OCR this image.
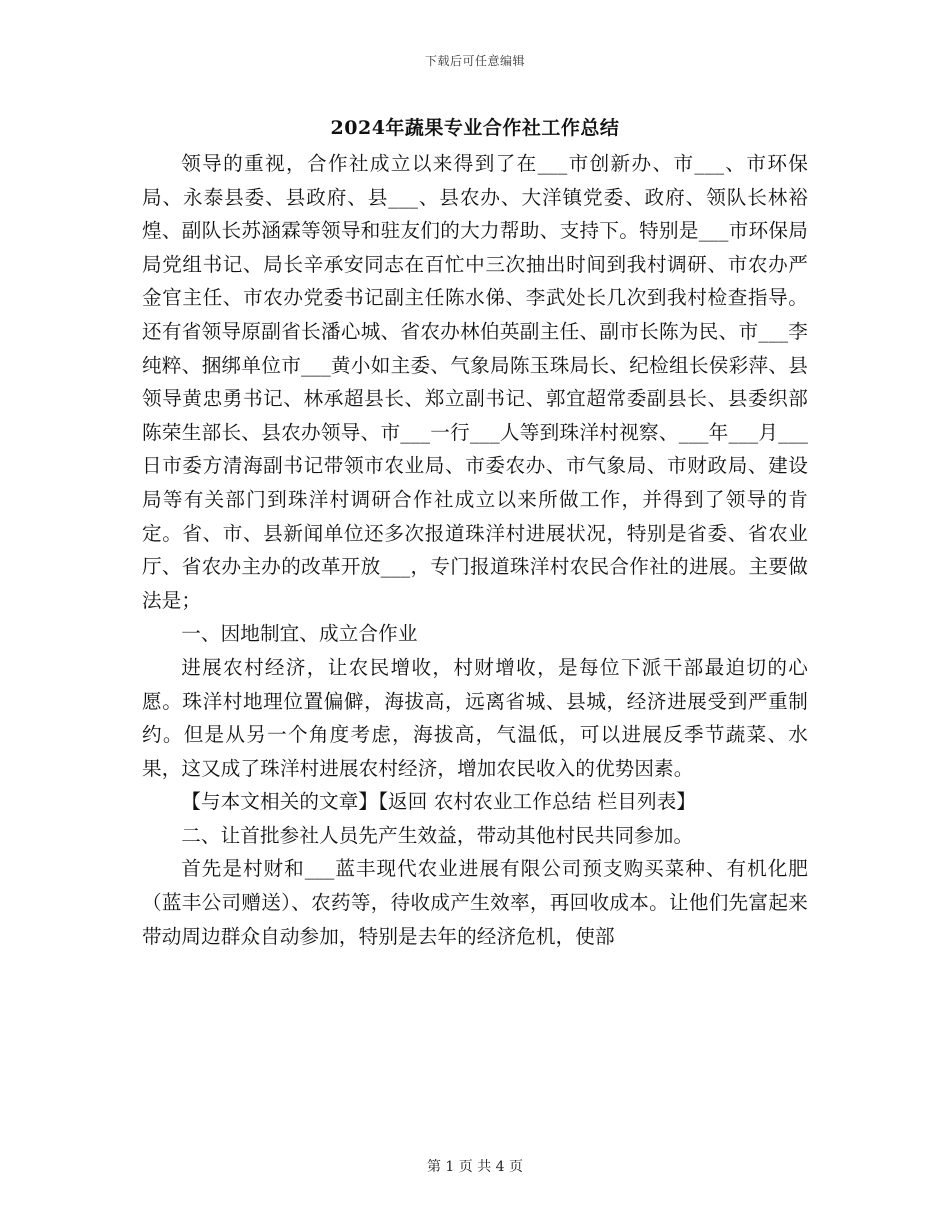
下载后可任意编辑
2024年蔬果专业合作社工作总结

领导的重视，合作社成立以来得到了在___市创新办、市___、市环保局、永泰县委、县政府、县___、县农办、大洋镇党委、政府、领队长林裕煌、副队长苏涵霖等领导和驻友们的大力帮助、支持下。特别是___市环保局局党组书记、局长辛承安同志在百忙中三次抽出时间到我村调研、市农办严金官主任、市农办党委书记副主任陈水俤、李武处长几次到我村检查指导。还有省领导原副省长潘心城、省农办林伯英副主任、副市长陈为民、市___李纯粹、捆绑单位市___黄小如主委、气象局陈玉珠局长、纪检组长侯彩萍、县领导黄忠勇书记、林承超县长、郑立副书记、郭宜超常委副县长、县委织部陈荣生部长、县农办领导、市___一行___人等到珠洋村视察、___年___月___日市委方清海副书记带领市农业局、市委农办、市气象局、市财政局、建设局等有关部门到珠洋村调研合作社成立以来所做工作，并得到了领导的肯定。省、市、县新闻单位还多次报道珠洋村进展状况，特别是省委、省农业厅、省农办主办的改革开放___，专门报道珠洋村农民合作社的进展。主要做法是；

一、因地制宜、成立合作业

进展农村经济，让农民增收，村财增收，是每位下派干部最迫切的心愿。珠洋村地理位置偏僻，海拔高，远离省城、县城，经济进展受到严重制约。但是从另一个角度考虑，海拔高，气温低，可以进展反季节蔬菜、水果，这又成了珠洋村进展农村经济，增加农民收入的优势因素。

【与本文相关的文章】【返回 农村农业工作总结 栏目列表】

二、让首批参社人员先产生效益，带动其他村民共同参加。

首先是村财和___蓝丰现代农业进展有限公司预支购买菜种、有机化肥（蓝丰公司赠送）、农药等，待收成产生效率，再回收成本。让他们先富起来带动周边群众自动参加，特别是去年的经济危机，使部

第 1 页 共 4 页
